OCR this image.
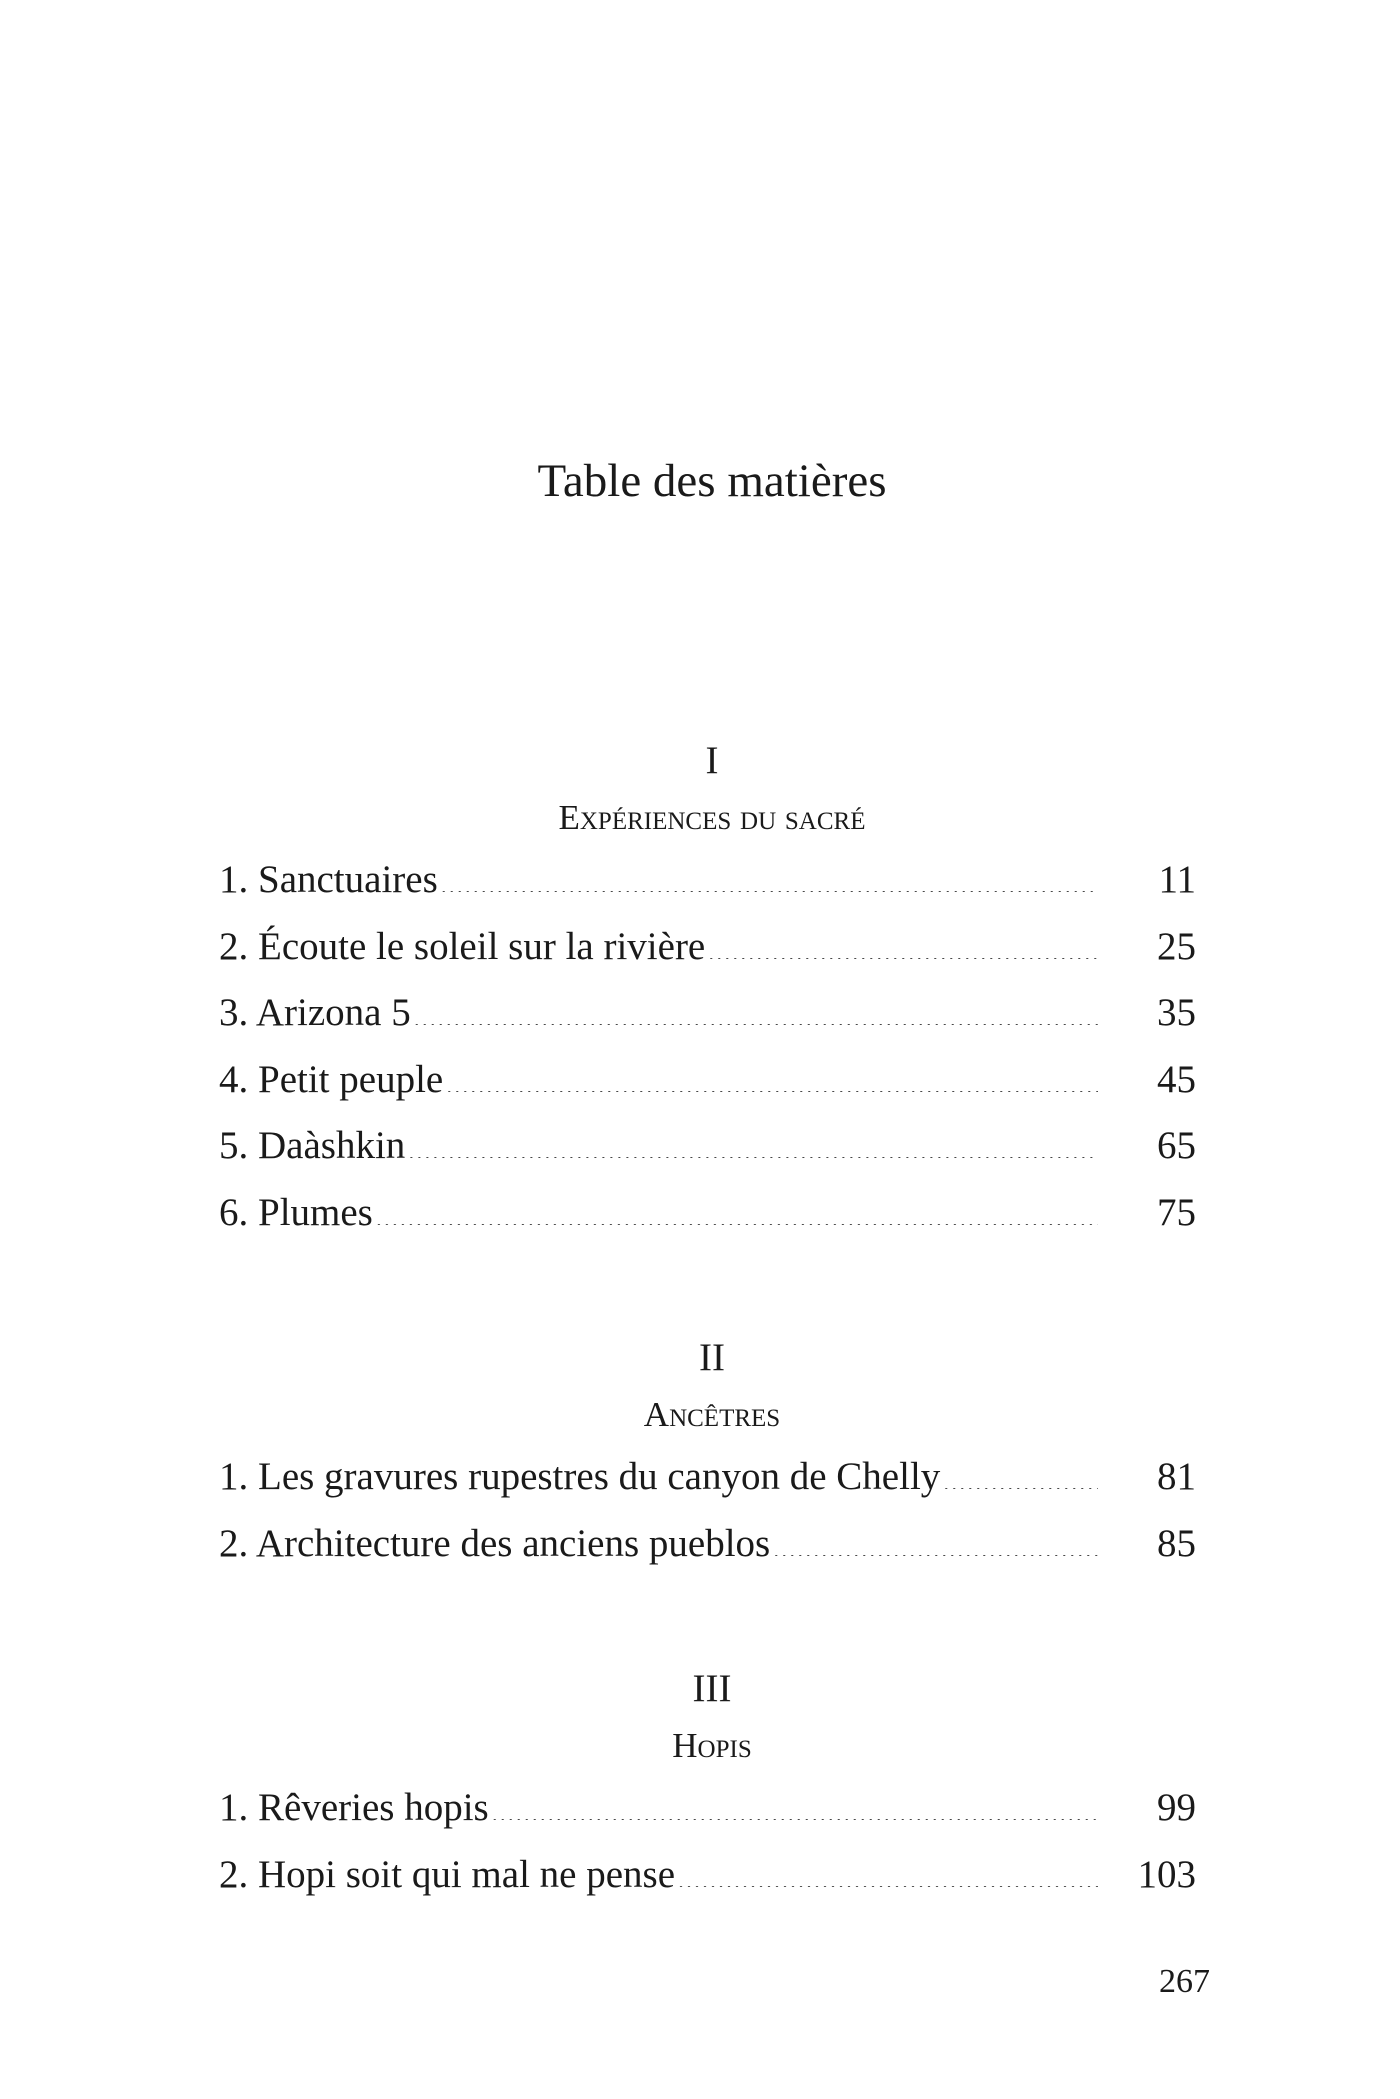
Table des matières
I
Expériences du sacré
1. Sanctuaires .....	11
2. Écoute le soleil sur la rivière .....	25
3. Arizona 5 .....	35
4. Petit peuple .....	45
5. Daàshkin .....	65
6. Plumes .....	75
II
Ancêtres
1. Les gravures rupestres du canyon de Chelly .....	81
2. Architecture des anciens pueblos .....	85
III
Hopis
1. Rêveries hopis .....	99
2. Hopi soit qui mal ne pense .....	103
267
